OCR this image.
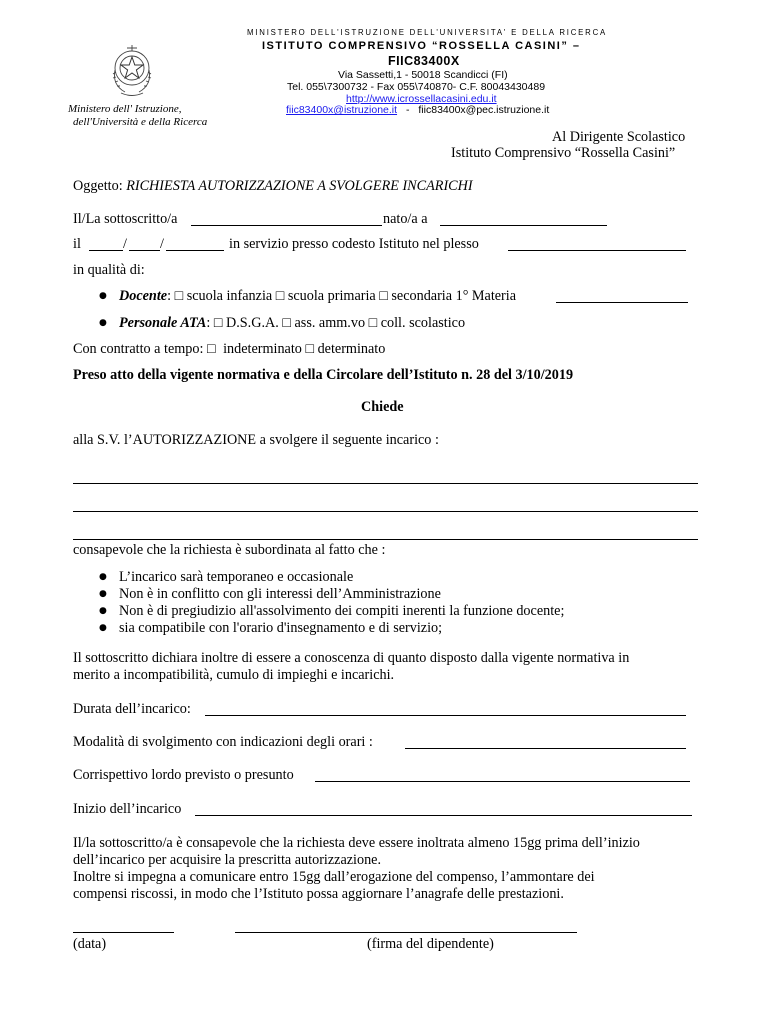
Ministero dell' Istruzione,
dell'Università e della Ricerca
MINISTERO DELL'ISTRUZIONE DELL'UNIVERSITA' E DELLA RICERCA
ISTITUTO COMPRENSIVO “ROSSELLA CASINI” –
FIIC83400X
Via Sassetti,1 - 50018 Scandicci (FI)
Tel. 055\7300732 - Fax 055\740870- C.F. 80043430489
http://www.icrossellacasini.edu.it
fiic83400x@istruzione.it - fiic83400x@pec.istruzione.it
Al Dirigente Scolastico
Istituto Comprensivo “Rossella Casini”
Oggetto: RICHIESTA AUTORIZZAZIONE A SVOLGERE INCARICHI
Il/La sottoscritto/a	nato/a a
il	/ /	in servizio presso codesto Istituto nel plesso
in qualità di:
● Docente: □ scuola infanzia □ scuola primaria □ secondaria 1° Materia
● Personale ATA: □ D.S.G.A. □ ass. amm.vo □ coll. scolastico
Con contratto a tempo: □ indeterminato □ determinato
Preso atto della vigente normativa e della Circolare dell’Istituto n. 28 del 3/10/2019
Chiede
alla S.V. l’AUTORIZZAZIONE a svolgere il seguente incarico :
consapevole che la richiesta è subordinata al fatto che :
● L’incarico sarà temporaneo e occasionale
● Non è in conflitto con gli interessi dell’Amministrazione
● Non è di pregiudizio all'assolvimento dei compiti inerenti la funzione docente;
● sia compatibile con l'orario d'insegnamento e di servizio;
Il sottoscritto dichiara inoltre di essere a conoscenza di quanto disposto dalla vigente normativa in
merito a incompatibilità, cumulo di impieghi e incarichi.
Durata dell’incarico:
Modalità di svolgimento con indicazioni degli orari :
Corrispettivo lordo previsto o presunto
Inizio dell’incarico
Il/la sottoscritto/a è consapevole che la richiesta deve essere inoltrata almeno 15gg prima dell’inizio
dell’incarico per acquisire la prescritta autorizzazione.
Inoltre si impegna a comunicare entro 15gg dall’erogazione del compenso, l’ammontare dei
compensi riscossi, in modo che l’Istituto possa aggiornare l’anagrafe delle prestazioni.
(data)	(firma del dipendente)
